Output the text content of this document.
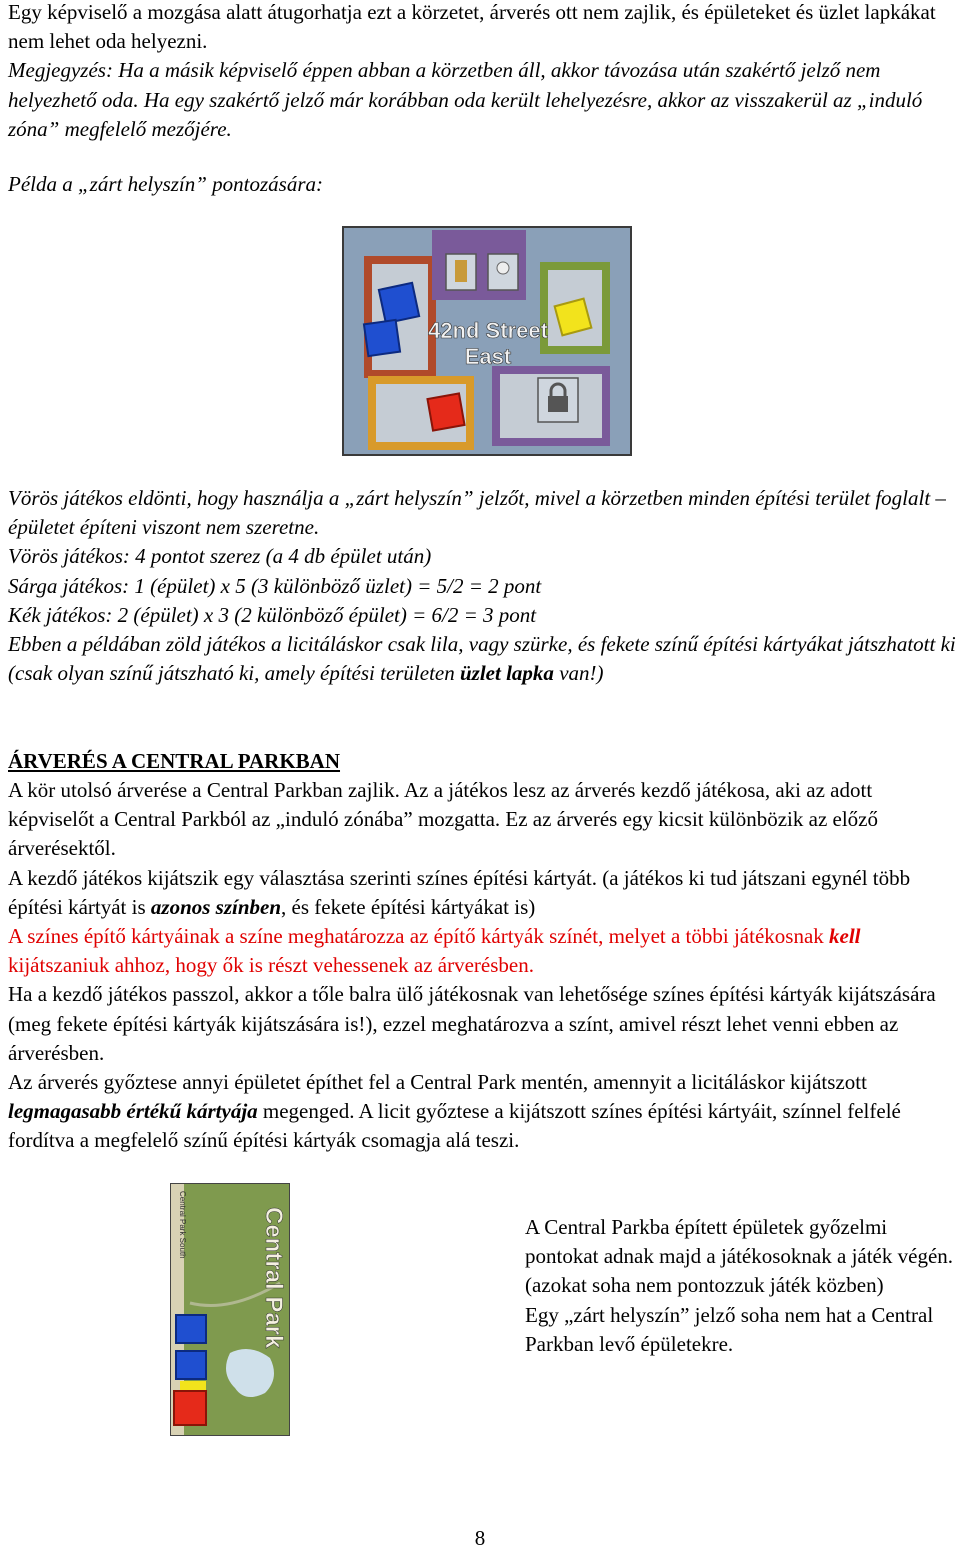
Egy képviselő a mozgása alatt átugorhatja ezt a körzetet, árverés ott nem zajlik, és épületeket és üzlet lapkákat nem lehet oda helyezni.

Megjegyzés: Ha a másik képviselő éppen abban a körzetben áll, akkor távozása után szakértő jelző nem helyezhető oda. Ha egy szakértő jelző már korábban oda került lehelyezésre, akkor az visszakerül az „induló zóna” megfelelő mezőjére.

Példa a „zárt helyszín” pontozására:

42nd Street
East

Vörös játékos eldönti, hogy használja a „zárt helyszín” jelzőt, mivel a körzetben minden építési terület foglalt – épületet építeni viszont nem szeretne.

Vörös játékos: 4 pontot szerez (a 4 db épület után)

Sárga játékos: 1 (épület) x 5 (3 különböző üzlet) = 5/2 = 2 pont

Kék játékos: 2 (épület) x 3 (2 különböző épület) = 6/2 = 3 pont

Ebben a példában zöld játékos a licitáláskor csak lila, vagy szürke, és fekete színű építési kártyákat játszhatott ki (csak olyan színű játszható ki, amely építési területen üzlet lapka van!)

ÁRVERÉS A CENTRAL PARKBAN

A kör utolsó árverése a Central Parkban zajlik. Az a játékos lesz az árverés kezdő játékosa, aki az adott képviselőt a Central Parkból az „induló zónába” mozgatta. Ez az árverés egy kicsit különbözik az előző árverésektől.

A kezdő játékos kijátszik egy választása szerinti színes építési kártyát. (a játékos ki tud játszani egynél több építési kártyát is azonos színben, és fekete építési kártyákat is)

A színes építő kártyáinak a színe meghatározza az építő kártyák színét, melyet a többi játékosnak kell kijátszaniuk ahhoz, hogy ők is részt vehessenek az árverésben.

Ha a kezdő játékos passzol, akkor a tőle balra ülő játékosnak van lehetősége színes építési kártyák kijátszására (meg fekete építési kártyák kijátszására is!), ezzel meghatározva a színt, amivel részt lehet venni ebben az árverésben.

Az árverés győztese annyi épületet építhet fel a Central Park mentén, amennyit a licitáláskor kijátszott legmagasabb értékű kártyája megenged. A licit győztese a kijátszott színes építési kártyáit, színnel felfelé fordítva a megfelelő színű építési kártyák csomagja alá teszi.

Central Park South	Central Park	A Central Parkba épített épületek győzelmi pontokat adnak majd a játékosoknak a játék végén.

(azokat soha nem pontozzuk játék közben)

Egy „zárt helyszín” jelző soha nem hat a Central Parkban levő épületekre.

8
